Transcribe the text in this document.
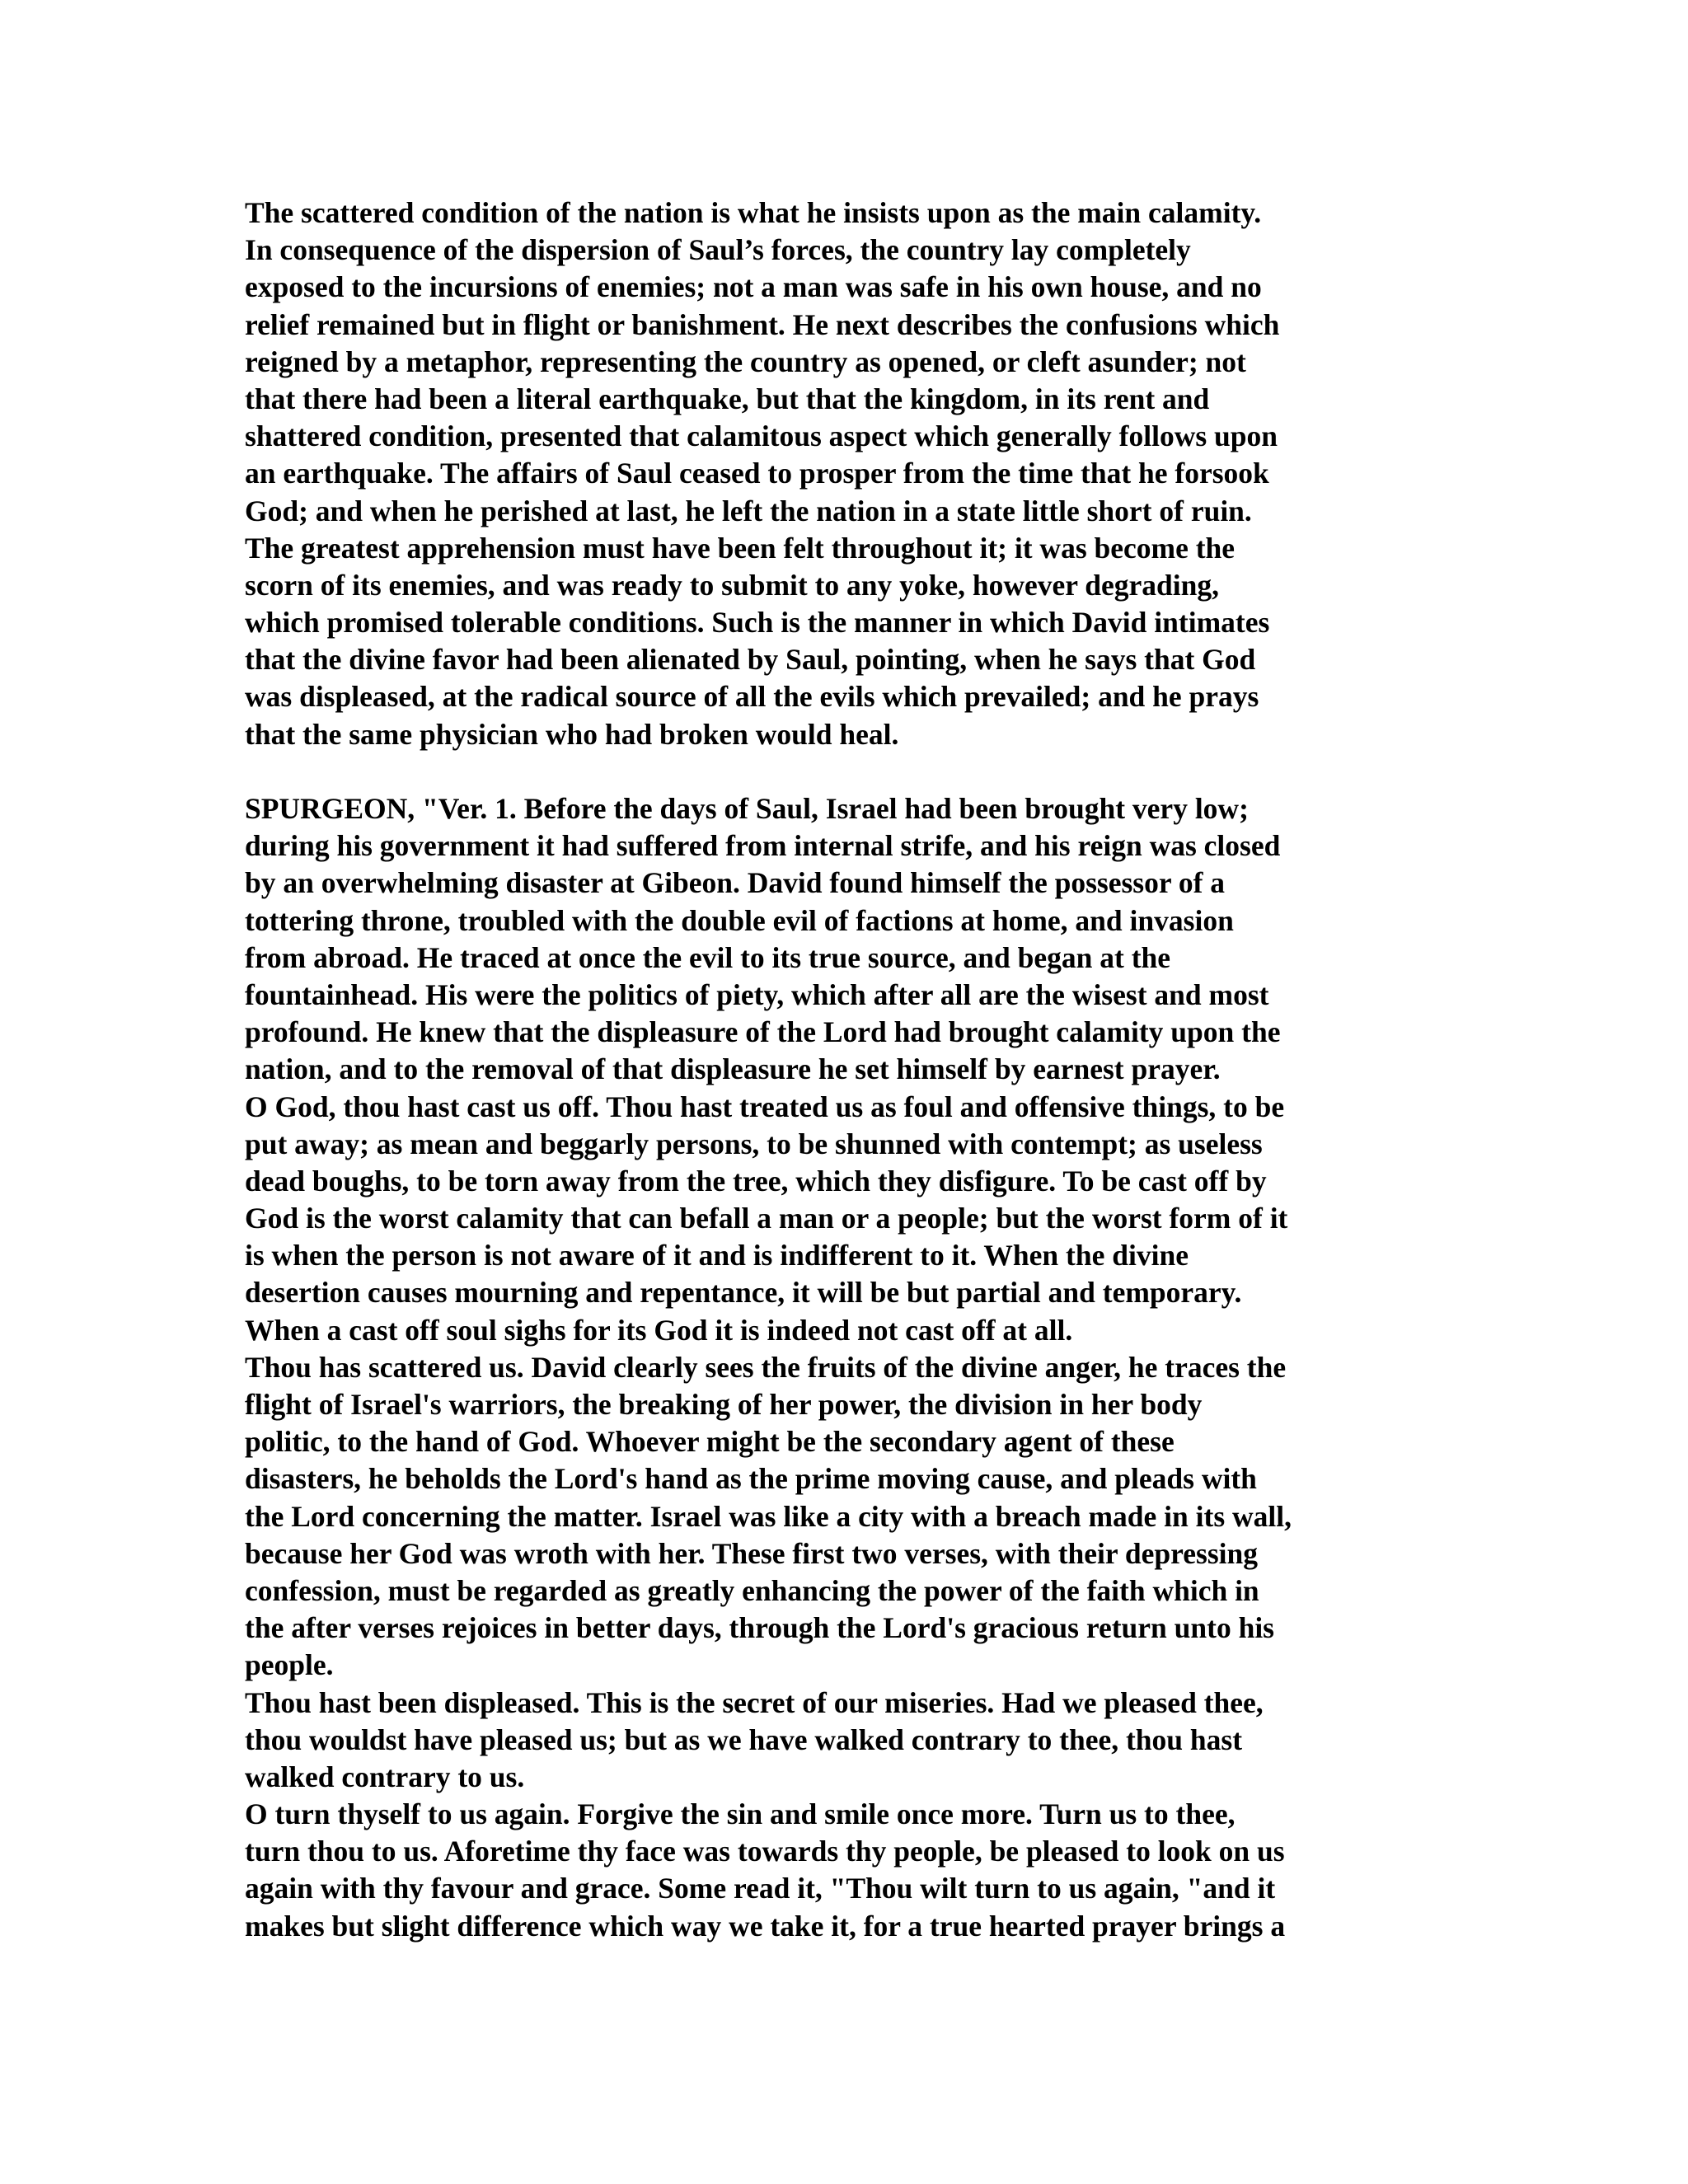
The scattered condition of the nation is what he insists upon as the main calamity.
In consequence of the dispersion of Saul’s forces, the country lay completely
exposed to the incursions of enemies; not a man was safe in his own house, and no
relief remained but in flight or banishment. He next describes the confusions which
reigned by a metaphor, representing the country as opened, or cleft asunder; not
that there had been a literal earthquake, but that the kingdom, in its rent and
shattered condition, presented that calamitous aspect which generally follows upon
an earthquake. The affairs of Saul ceased to prosper from the time that he forsook
God; and when he perished at last, he left the nation in a state little short of ruin.
The greatest apprehension must have been felt throughout it; it was become the
scorn of its enemies, and was ready to submit to any yoke, however degrading,
which promised tolerable conditions. Such is the manner in which David intimates
that the divine favor had been alienated by Saul, pointing, when he says that God
was displeased, at the radical source of all the evils which prevailed; and he prays
that the same physician who had broken would heal.
SPURGEON, "Ver. 1. Before the days of Saul, Israel had been brought very low;
during his government it had suffered from internal strife, and his reign was closed
by an overwhelming disaster at Gibeon. David found himself the possessor of a
tottering throne, troubled with the double evil of factions at home, and invasion
from abroad. He traced at once the evil to its true source, and began at the
fountainhead. His were the politics of piety, which after all are the wisest and most
profound. He knew that the displeasure of the Lord had brought calamity upon the
nation, and to the removal of that displeasure he set himself by earnest prayer.
O God, thou hast cast us off. Thou hast treated us as foul and offensive things, to be
put away; as mean and beggarly persons, to be shunned with contempt; as useless
dead boughs, to be torn away from the tree, which they disfigure. To be cast off by
God is the worst calamity that can befall a man or a people; but the worst form of it
is when the person is not aware of it and is indifferent to it. When the divine
desertion causes mourning and repentance, it will be but partial and temporary.
When a cast off soul sighs for its God it is indeed not cast off at all.
Thou has scattered us. David clearly sees the fruits of the divine anger, he traces the
flight of Israel's warriors, the breaking of her power, the division in her body
politic, to the hand of God. Whoever might be the secondary agent of these
disasters, he beholds the Lord's hand as the prime moving cause, and pleads with
the Lord concerning the matter. Israel was like a city with a breach made in its wall,
because her God was wroth with her. These first two verses, with their depressing
confession, must be regarded as greatly enhancing the power of the faith which in
the after verses rejoices in better days, through the Lord's gracious return unto his
people.
Thou hast been displeased. This is the secret of our miseries. Had we pleased thee,
thou wouldst have pleased us; but as we have walked contrary to thee, thou hast
walked contrary to us.
O turn thyself to us again. Forgive the sin and smile once more. Turn us to thee,
turn thou to us. Aforetime thy face was towards thy people, be pleased to look on us
again with thy favour and grace. Some read it, "Thou wilt turn to us again, "and it
makes but slight difference which way we take it, for a true hearted prayer brings a
